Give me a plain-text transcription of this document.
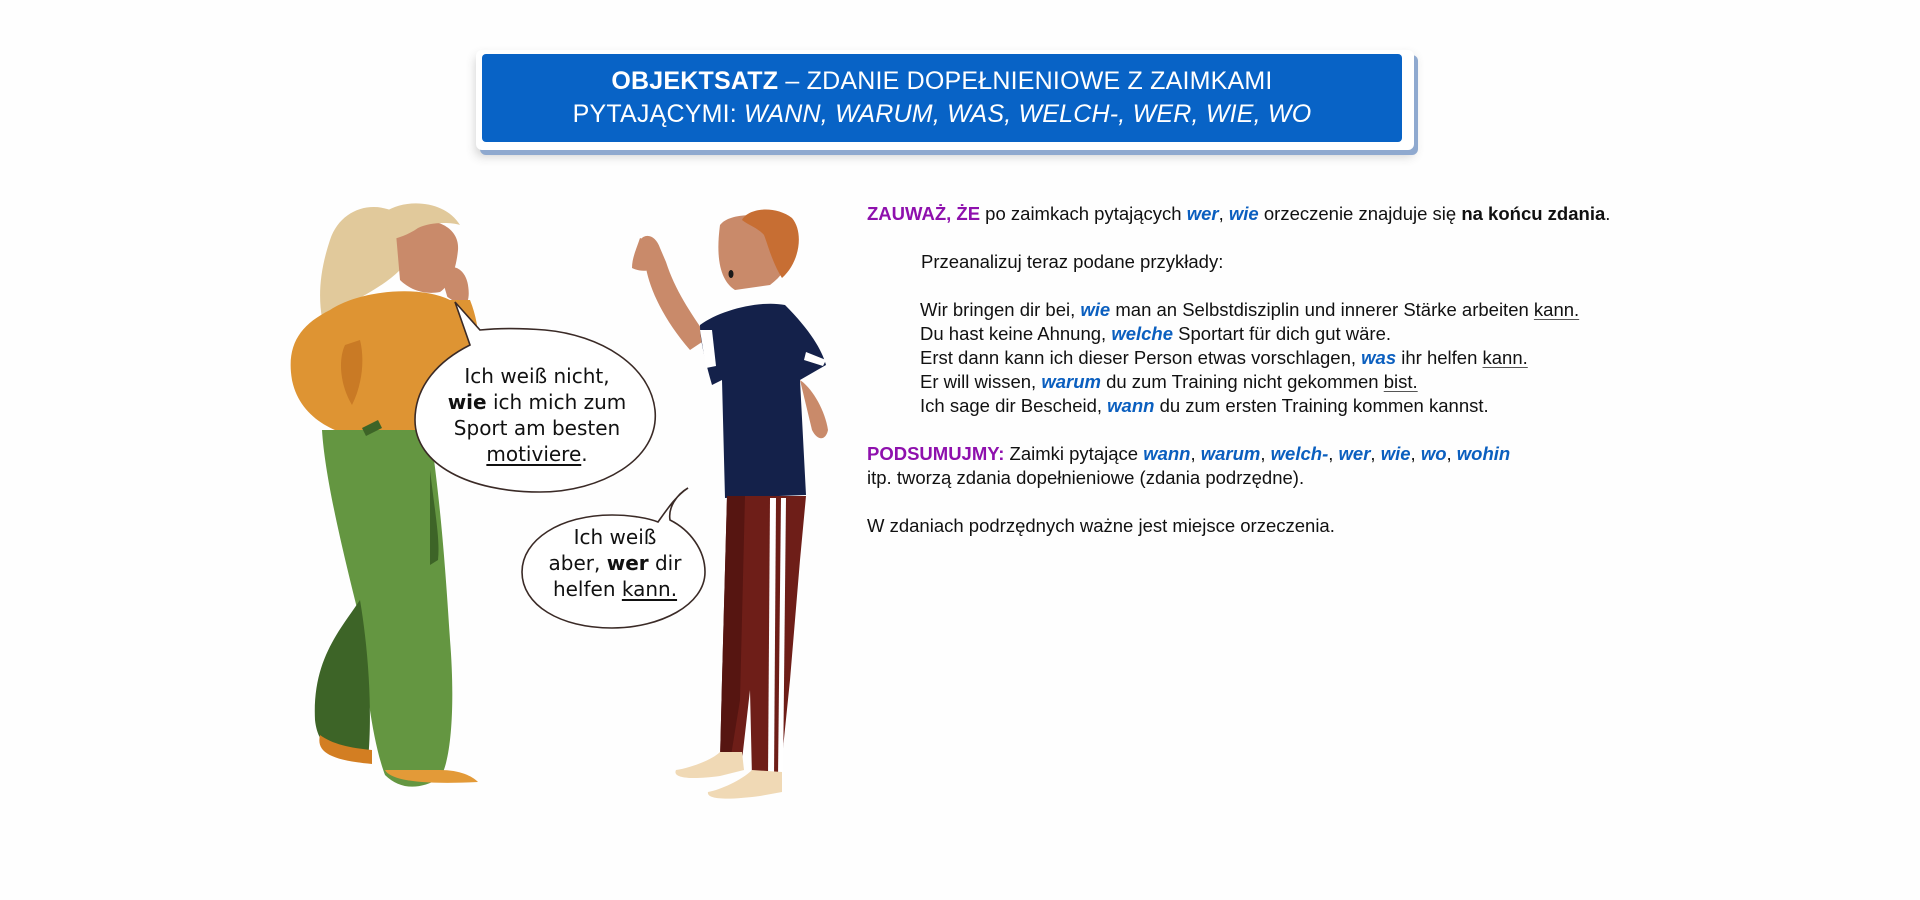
OBJEKTSATZ – ZDANIE DOPEŁNIENIOWE Z ZAIMKAMI
PYTAJĄCYMI: WANN, WARUM, WAS, WELCH-, WER, WIE, WO
Ich weiß nicht,
wie ich mich zum
Sport am besten
motiviere.
Ich weiß
aber, wer dir
helfen kann.
ZAUWAŻ, ŻE po zaimkach pytających wer, wie orzeczenie znajduje się na końcu zdania.
Przeanalizuj teraz podane przykłady:
Wir bringen dir bei, wie man an Selbstdisziplin und innerer Stärke arbeiten kann.
Du hast keine Ahnung, welche Sportart für dich gut wäre.
Erst dann kann ich dieser Person etwas vorschlagen, was ihr helfen kann.
Er will wissen, warum du zum Training nicht gekommen bist.
Ich sage dir Bescheid, wann du zum ersten Training kommen kannst.
PODSUMUJMY: Zaimki pytające wann, warum, welch-, wer, wie, wo, wohin
itp. tworzą zdania dopełnieniowe (zdania podrzędne).
W zdaniach podrzędnych ważne jest miejsce orzeczenia.
